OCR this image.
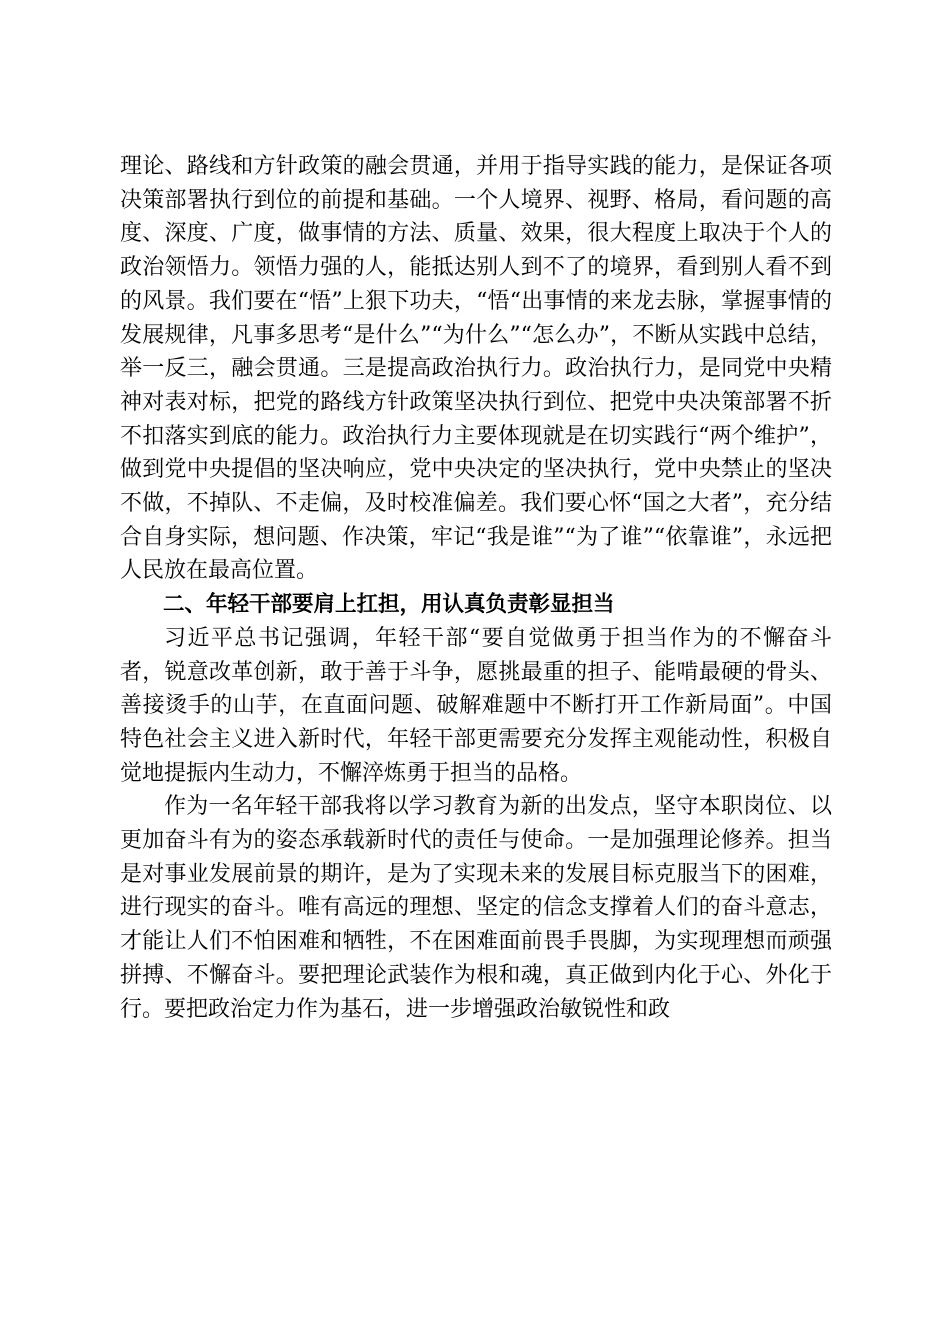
理论、路线和方针政策的融会贯通，并用于指导实践的能力，是保证各项决策部署执行到位的前提和基础。一个人境界、视野、格局，看问题的高度、深度、广度，做事情的方法、质量、效果，很大程度上取决于个人的政治领悟力。领悟力强的人，能抵达别人到不了的境界，看到别人看不到的风景。我们要在“悟”上狠下功夫，“悟“出事情的来龙去脉，掌握事情的发展规律，凡事多思考“是什么”“为什么”“怎么办”，不断从实践中总结，举一反三，融会贯通。三是提高政治执行力。政治执行力，是同党中央精神对表对标，把党的路线方针政策坚决执行到位、把党中央决策部署不折不扣落实到底的能力。政治执行力主要体现就是在切实践行“两个维护”，做到党中央提倡的坚决响应，党中央决定的坚决执行，党中央禁止的坚决不做，不掉队、不走偏，及时校准偏差。我们要心怀“国之大者”，充分结合自身实际，想问题、作决策，牢记“我是谁”“为了谁”“依靠谁”，永远把人民放在最高位置。

二、年轻干部要肩上扛担，用认真负责彰显担当

习近平总书记强调，年轻干部“要自觉做勇于担当作为的不懈奋斗者，锐意改革创新，敢于善于斗争，愿挑最重的担子、能啃最硬的骨头、善接烫手的山芋，在直面问题、破解难题中不断打开工作新局面”。中国特色社会主义进入新时代，年轻干部更需要充分发挥主观能动性，积极自觉地提振内生动力，不懈淬炼勇于担当的品格。

作为一名年轻干部我将以学习教育为新的出发点，坚守本职岗位、以更加奋斗有为的姿态承载新时代的责任与使命。一是加强理论修养。担当是对事业发展前景的期许，是为了实现未来的发展目标克服当下的困难，进行现实的奋斗。唯有高远的理想、坚定的信念支撑着人们的奋斗意志，才能让人们不怕困难和牺牲，不在困难面前畏手畏脚，为实现理想而顽强拼搏、不懈奋斗。要把理论武装作为根和魂，真正做到内化于心、外化于行。要把政治定力作为基石，进一步增强政治敏锐性和政
